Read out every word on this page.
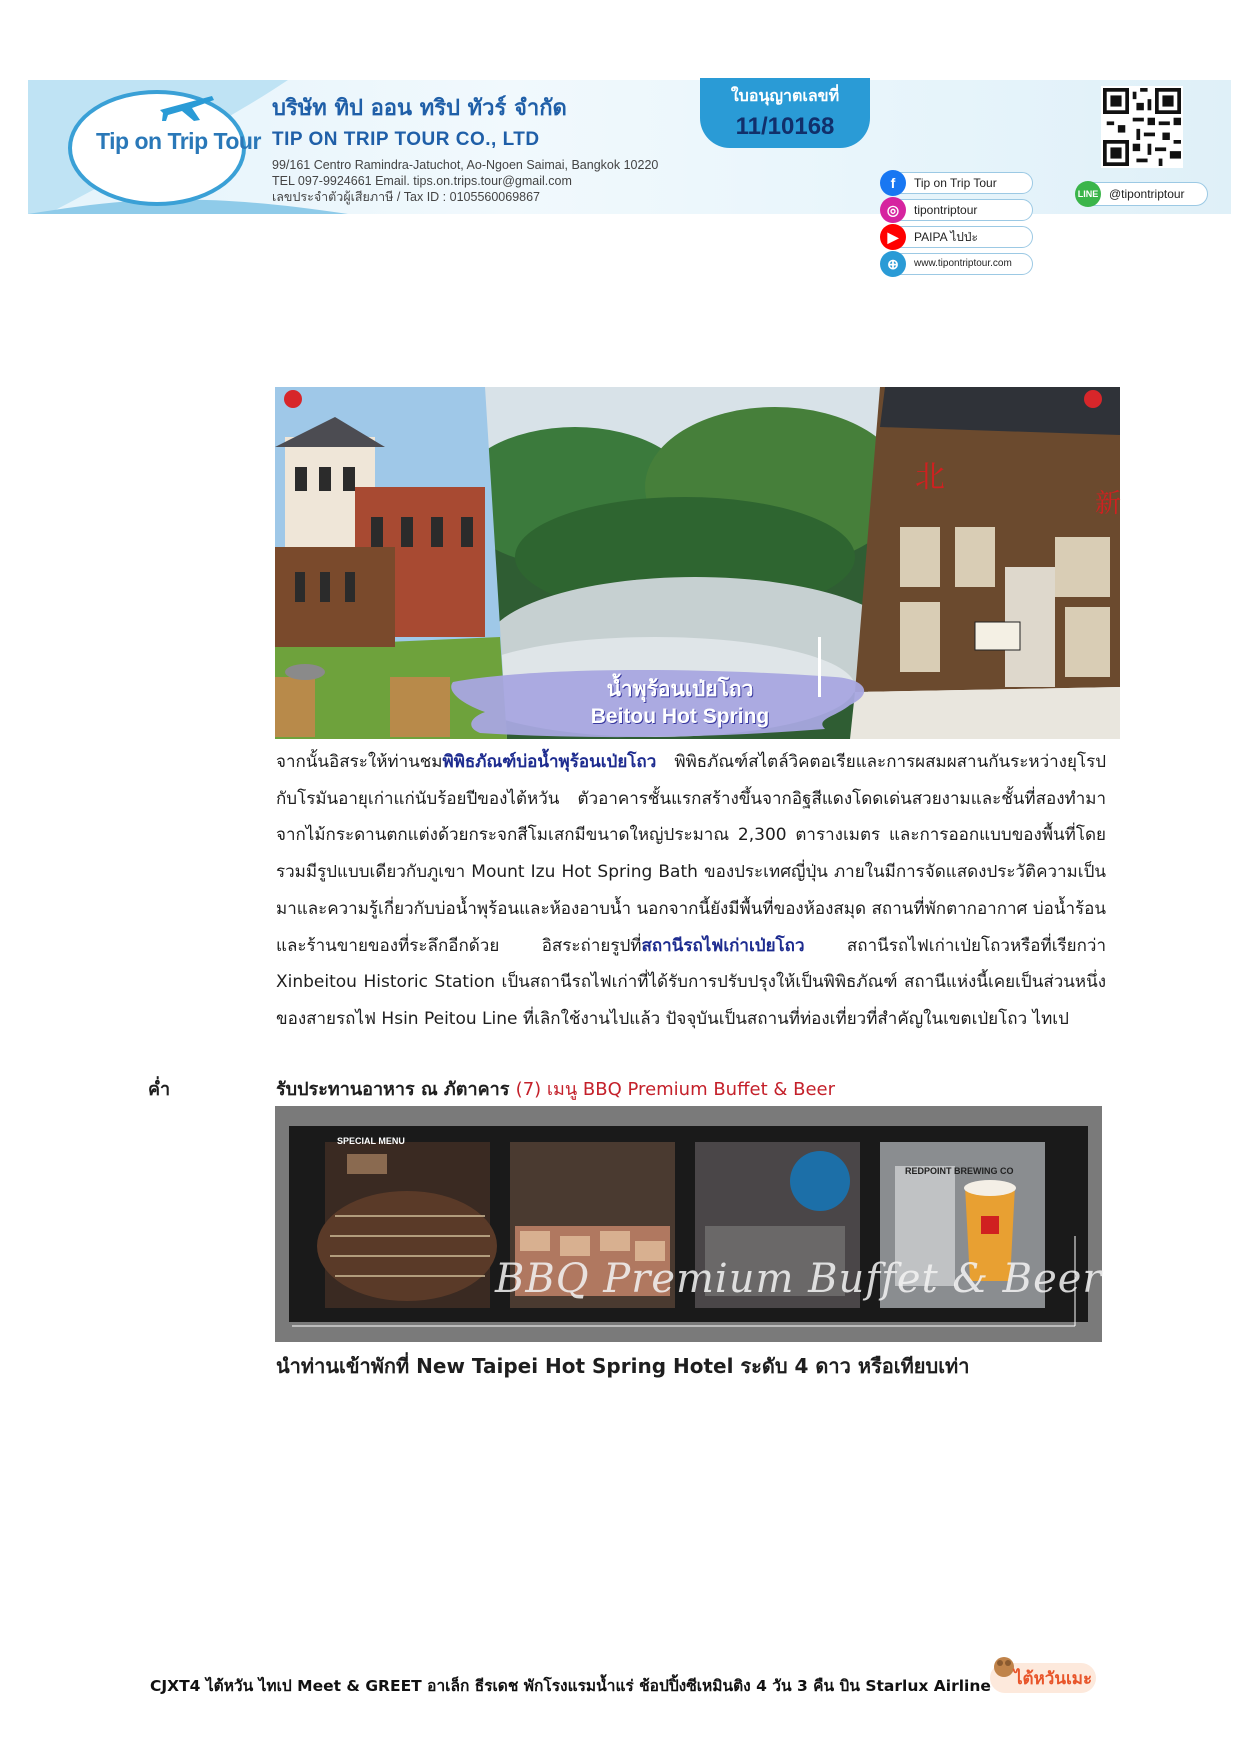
Tip on Trip Tour
บริษัท ทิป ออน ทริป ทัวร์ จำกัด
TIP ON TRIP TOUR CO., LTD
99/161 Centro Ramindra-Jatuchot, Ao-Ngoen Saimai, Bangkok 10220
TEL 097-9924661 Email. tips.on.trips.tour@gmail.com
เลขประจำตัวผู้เสียภาษี / Tax ID : 0105560069867
ใบอนุญาตเลขที่
11/10168
f	Tip on Trip Tour
◎	tipontriptour
▶	PAIPA ไปป่ะ
⊕	www.tipontriptour.com
LINE @tipontriptour
北
新
น้ำพุร้อนเป่ยโถว
Beitou Hot Spring
จากนั้นอิสระให้ท่านชมพิพิธภัณฑ์บ่อน้ำพุร้อนเป่ยโถว พิพิธภัณฑ์สไตล์วิคตอเรียและการผสมผสานกันระหว่างยุโรปกับโรมันอายุเก่าแก่นับร้อยปีของไต้หวัน ตัวอาคารชั้นแรกสร้างขึ้นจากอิฐสีแดงโดดเด่นสวยงามและชั้นที่สองทำมาจากไม้กระดานตกแต่งด้วยกระจกสีโมเสกมีขนาดใหญ่ประมาณ 2,300 ตารางเมตร และการออกแบบของพื้นที่โดยรวมมีรูปแบบเดียวกับภูเขา Mount Izu Hot Spring Bath ของประเทศญี่ปุ่น ภายในมีการจัดแสดงประวัติความเป็นมาและความรู้เกี่ยวกับบ่อน้ำพุร้อนและห้องอาบน้ำ นอกจากนี้ยังมีพื้นที่ของห้องสมุด สถานที่พักตากอากาศ บ่อน้ำร้อนและร้านขายของที่ระลึกอีกด้วย อิสระถ่ายรูปที่สถานีรถไฟเก่าเป่ยโถว สถานีรถไฟเก่าเป่ยโถวหรือที่เรียกว่า Xinbeitou Historic Station เป็นสถานีรถไฟเก่าที่ได้รับการปรับปรุงให้เป็นพิพิธภัณฑ์ สถานีแห่งนี้เคยเป็นส่วนหนึ่งของสายรถไฟ Hsin Peitou Line ที่เลิกใช้งานไปแล้ว ปัจจุบันเป็นสถานที่ท่องเที่ยวที่สำคัญในเขตเป่ยโถว ไทเป
ค่ำ	รับประทานอาหาร ณ ภัตาคาร (7) เมนู BBQ Premium Buffet & Beer
SPECIAL MENU
REDPOINT BREWING CO
BBQ Premium Buffet & Beer
นำท่านเข้าพักที่ New Taipei Hot Spring Hotel ระดับ 4 ดาว หรือเทียบเท่า
CJXT4 ไต้หวัน ไทเป Meet & GREET อาเล็ก ธีรเดช พักโรงแรมน้ำแร่ ช้อปปิ้งซีเหมินติง 4 วัน 3 คืน บิน Starlux Airline ไต้หวันเมะ
